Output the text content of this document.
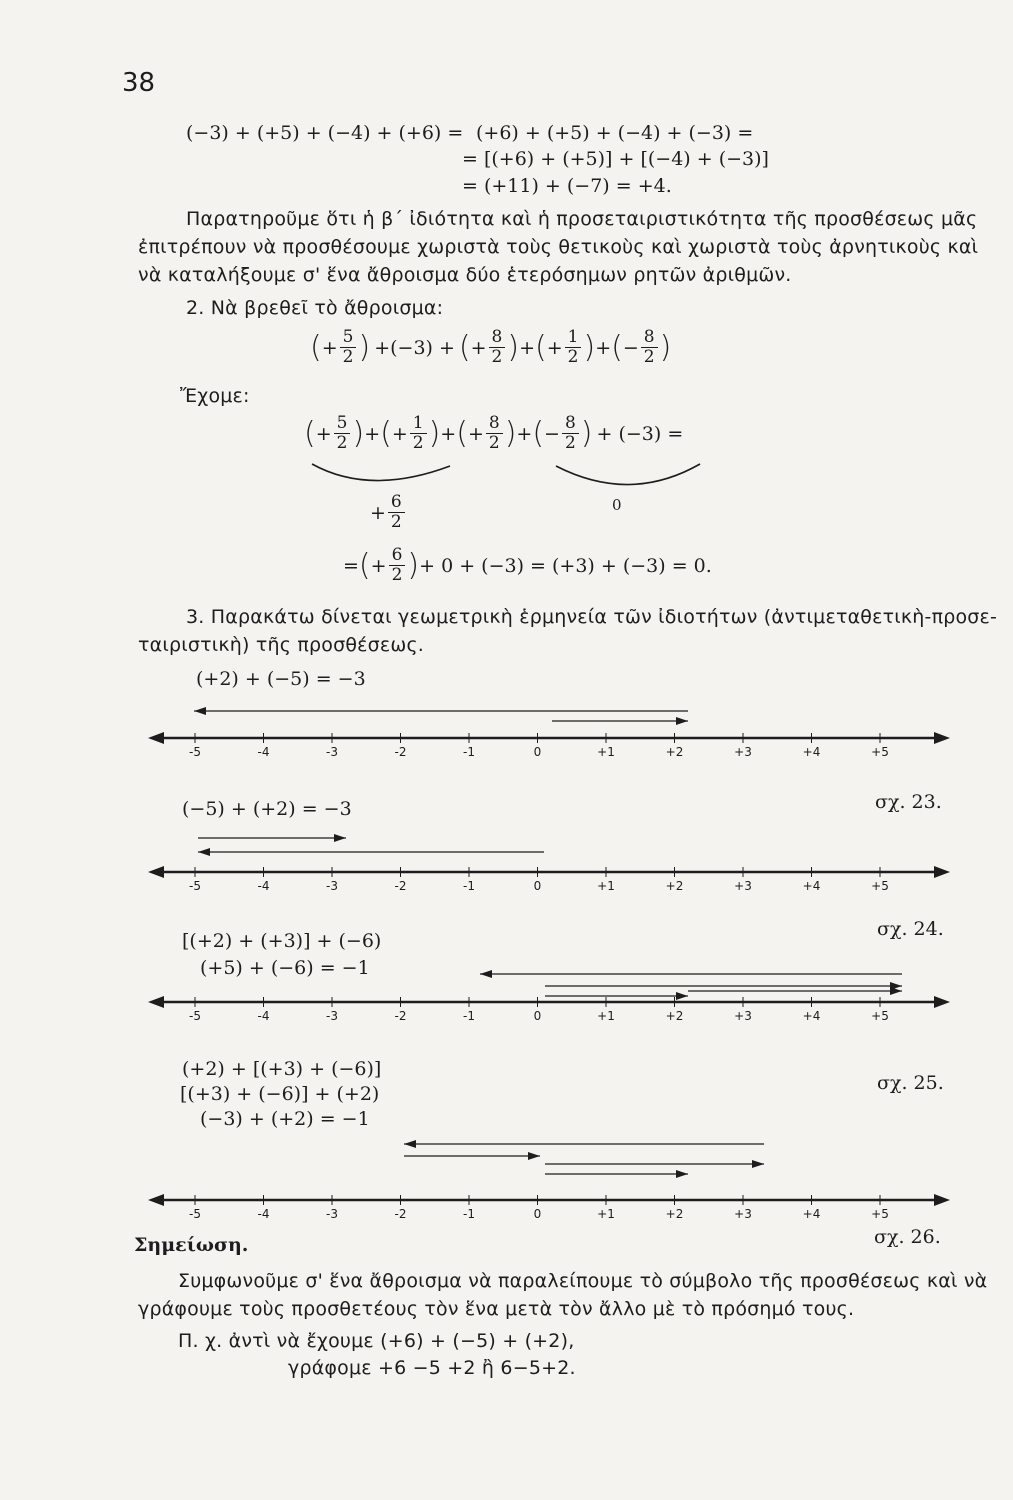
38
(−3) + (+5) + (−4) + (+6) = (+6) + (+5) + (−4) + (−3) =
= [(+6) + (+5)] + [(−4) + (−3)]
= (+11) + (−7) = +4.
Παρατηροῦμε ὅτι ἡ β΄ ἰδιότητα καὶ ἡ προσεταιριστικότητα τῆς προσθέσεως μᾶς
ἐπιτρέπουν νὰ προσθέσουμε χωριστὰ τοὺς θετικοὺς καὶ χωριστὰ τοὺς ἀρνητικοὺς καὶ
νὰ καταλήξουμε σ' ἕνα ἄθροισμα δύο ἑτερόσημων ρητῶν ἀριθμῶν.
2. Νὰ βρεθεῖ τὸ ἄθροισμα:
( + $\frac{5}{2}$ ) +(−3) + ( + $\frac{8}{2}$ ) + ( + $\frac{1}{2}$ ) + ( − $\frac{8}{2}$ )
Ἔχομε:
( + $\frac{5}{2}$ ) + ( + $\frac{1}{2}$ ) + ( + $\frac{8}{2}$ ) + ( − $\frac{8}{2}$ ) + (−3) =
+ $\frac{6}{2}$	0
= ( + $\frac{6}{2}$ ) + 0 + (−3) = (+3) + (−3) = 0.
3. Παρακάτω δίνεται γεωμετρικὴ ἑρμηνεία τῶν ἰδιοτήτων (ἀντιμεταθετικὴ-προσε-
ταιριστικὴ) τῆς προσθέσεως.
(+2) + (−5) = −3
-5	-4	-3	-2	-1	0	+1	+2	+3	+4	+5
σχ. 23.
(−5) + (+2) = −3
-5	-4	-3	-2	-1	0	+1	+2	+3	+4	+5
σχ. 24.
[(+2) + (+3)] + (−6)
(+5) + (−6) = −1
-5	-4	-3	-2	-1	0	+1	+2	+3	+4	+5
σχ. 25.
(+2) + [(+3) + (−6)]
[(+3) + (−6)] + (+2)
(−3) + (+2) = −1
-5	-4	-3	-2	-1	0	+1	+2	+3	+4	+5
σχ. 26.
Σημείωση.
Συμφωνοῦμε σ' ἕνα ἄθροισμα νὰ παραλείπουμε τὸ σύμβολο τῆς προσθέσεως καὶ νὰ
γράφουμε τοὺς προσθετέους τὸν ἕνα μετὰ τὸν ἄλλο μὲ τὸ πρόσημό τους.
Π. χ. ἀντὶ νὰ ἔχουμε (+6) + (−5) + (+2),
γράφομε +6 −5 +2 ἢ 6−5+2.
